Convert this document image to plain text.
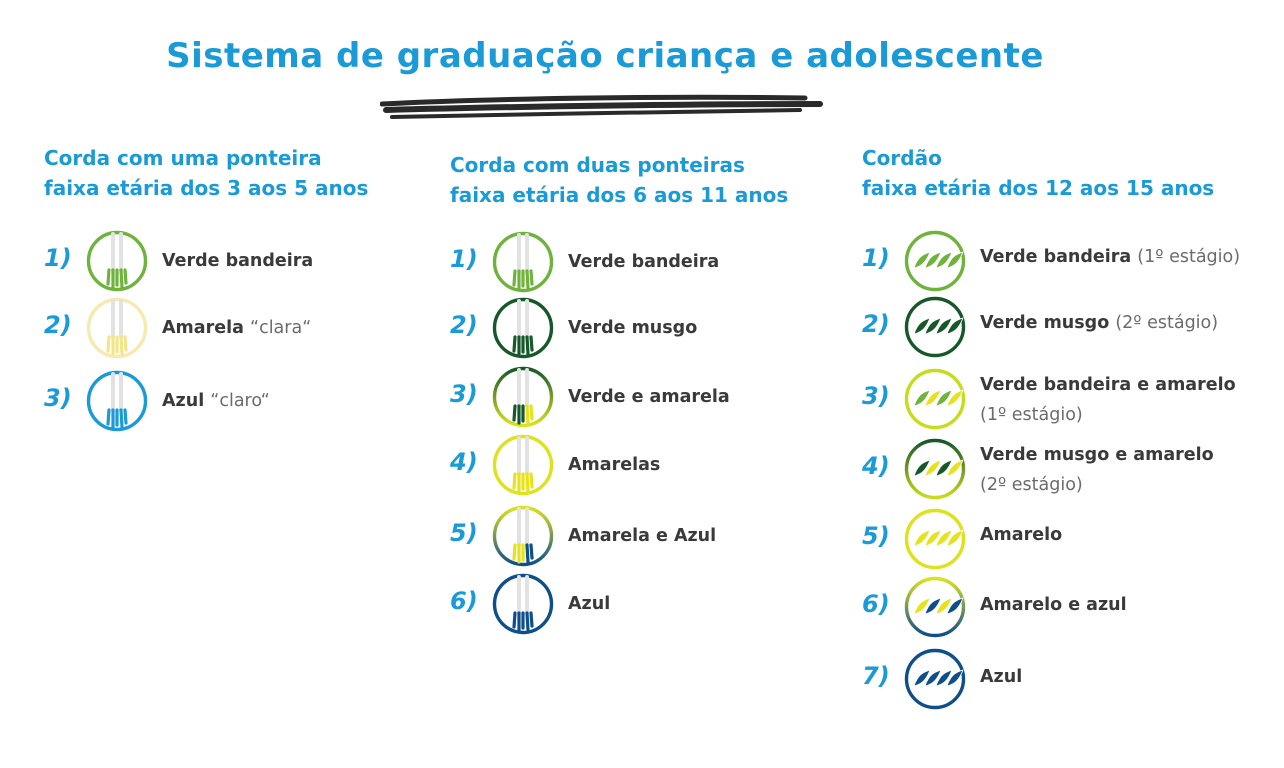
Sistema de graduação criança e adolescente
Corda com uma ponteira
faixa etária dos 3 aos 5 anos
1)	Verde bandeira
2)	Amarela “clara“
3)	Azul “claro“
Corda com duas ponteiras
faixa etária dos 6 aos 11 anos
1)	Verde bandeira
2)	Verde musgo
3)	Verde e amarela
4)	Amarelas
5)	Amarela e Azul
6)	Azul
Cordão
faixa etária dos 12 aos 15 anos
1)	Verde bandeira (1º estágio)
2)	Verde musgo (2º estágio)
3)	Verde bandeira e amarelo
(1º estágio)
4)	Verde musgo e amarelo
(2º estágio)
5)	Amarelo
6)	Amarelo e azul
7)	Azul
